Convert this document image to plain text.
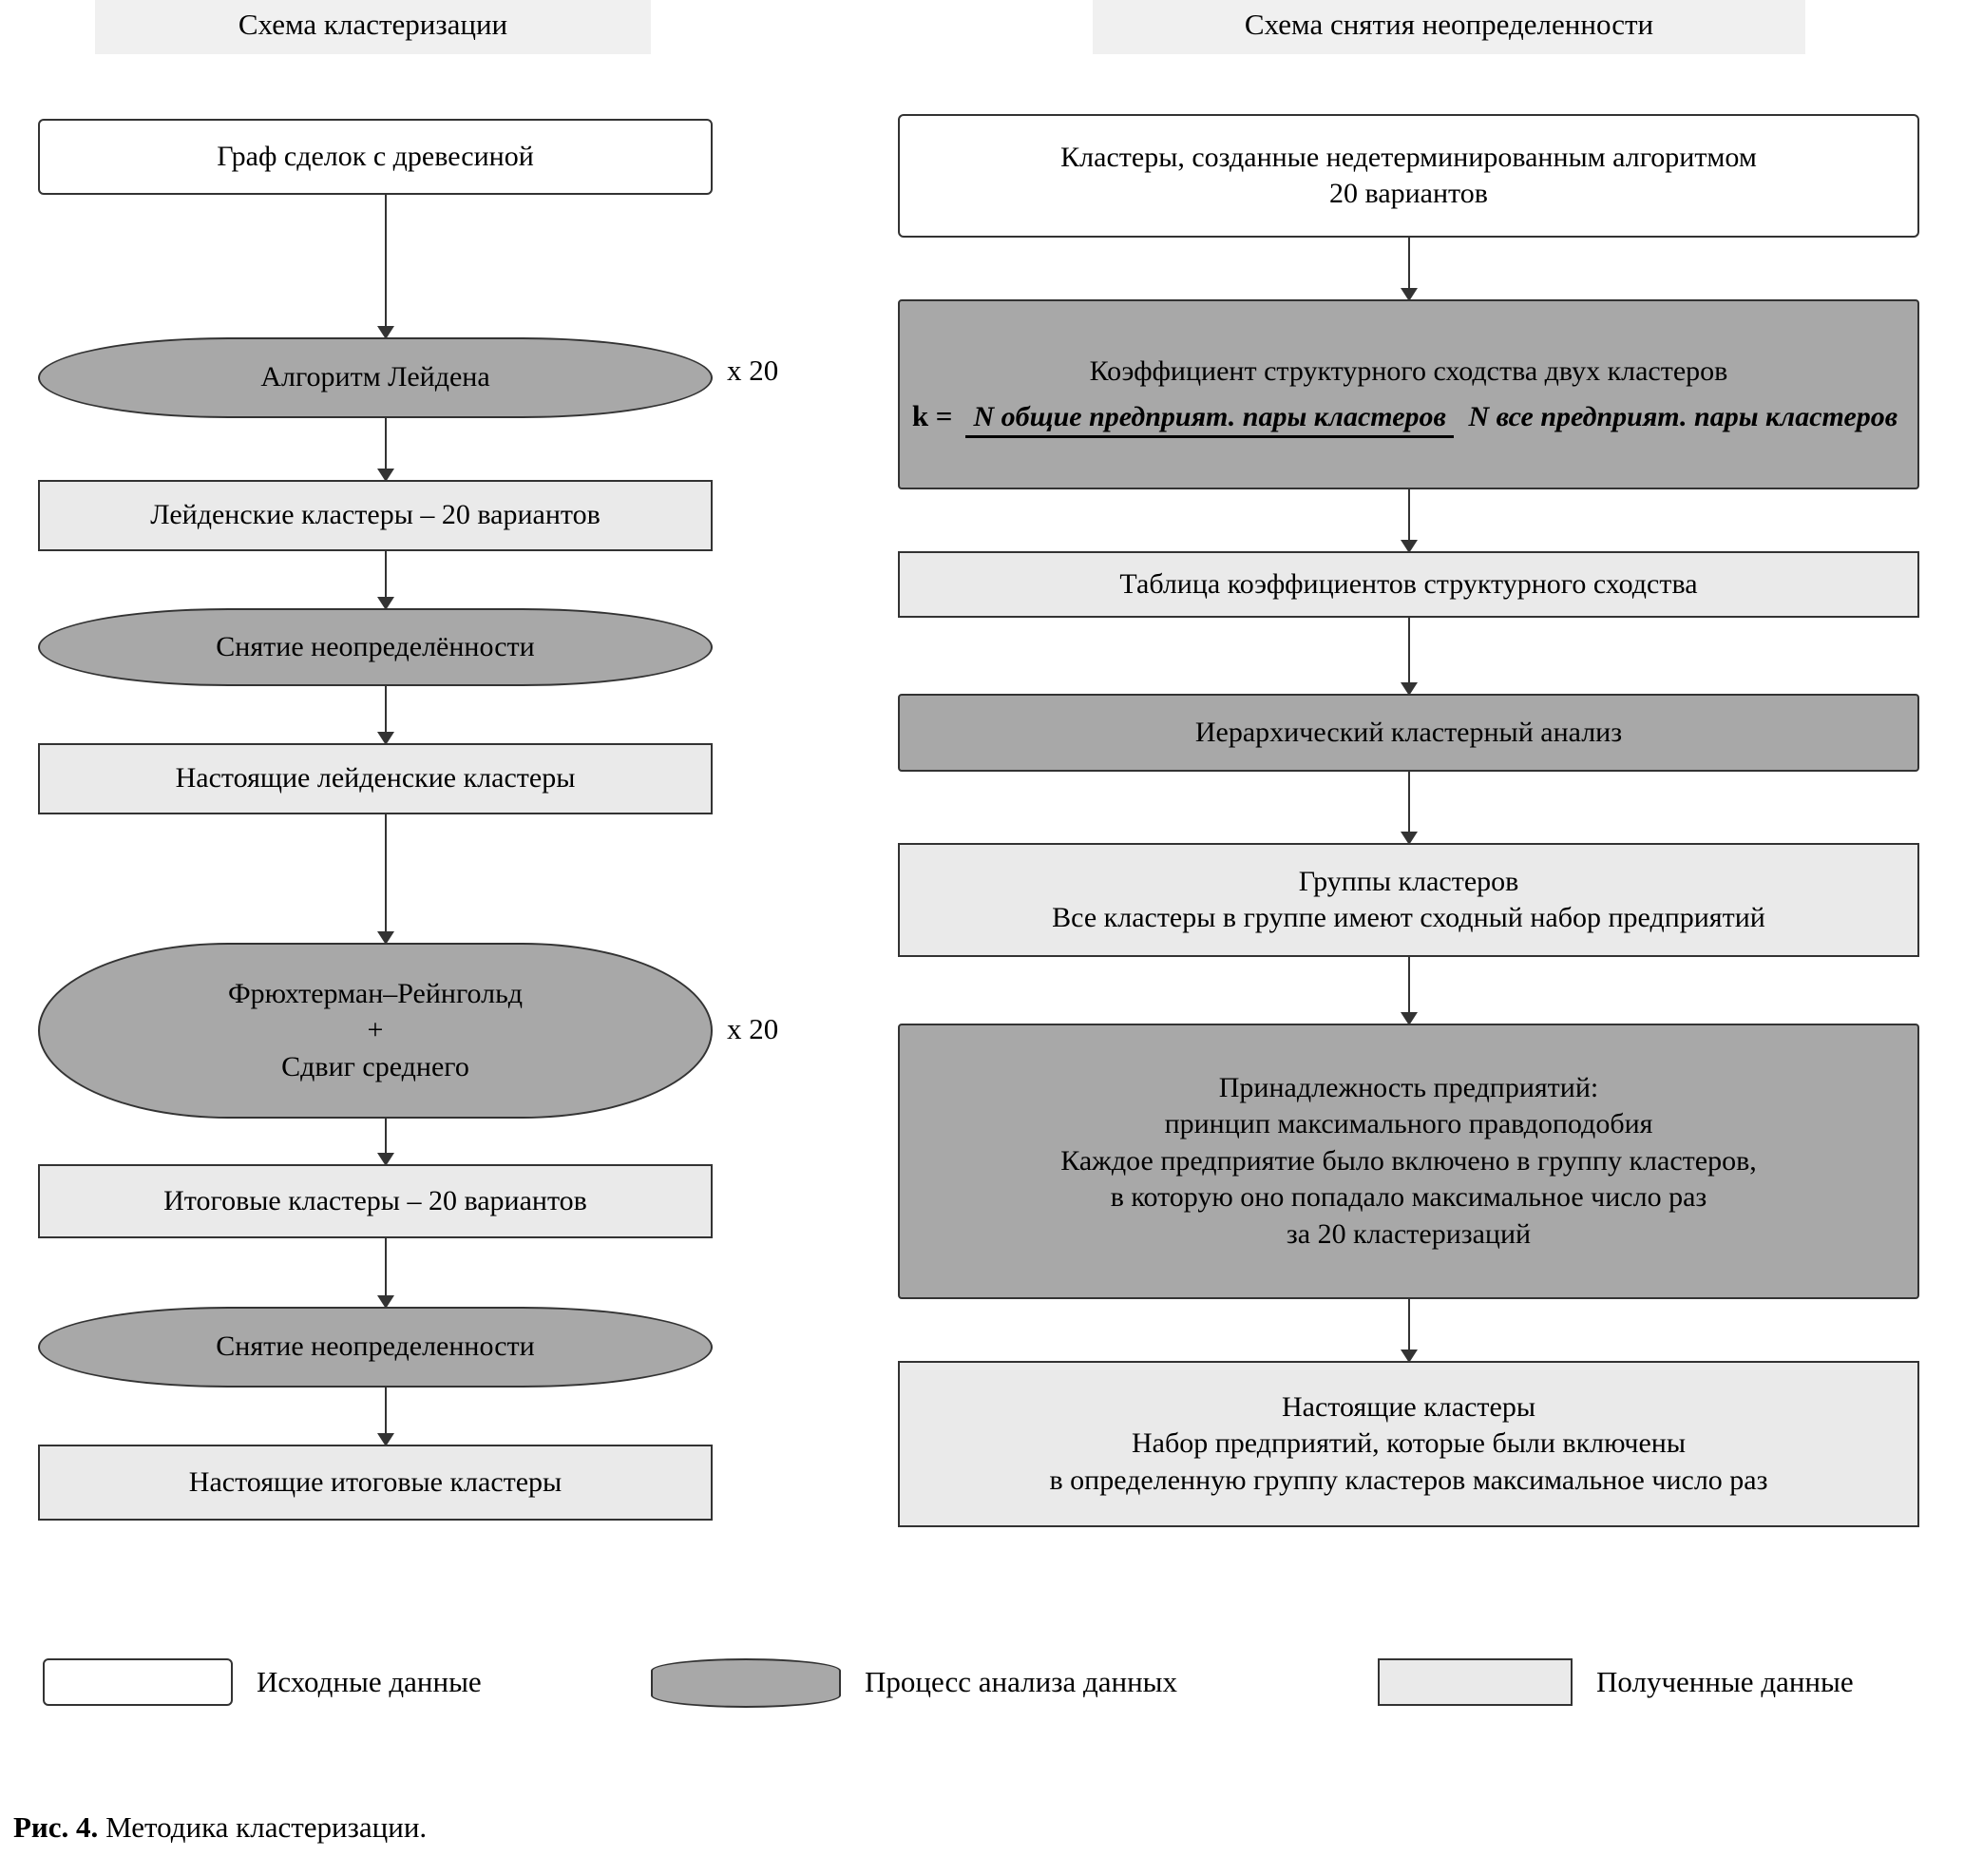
Схема кластеризации	Схема снятия неопределенности
Граф сделок с древесиной
Алгоритм Лейдена	х 20
Лейденские кластеры – 20 вариантов
Снятие неопределённости
Настоящие лейденские кластеры
Фрюхтерман–Рейнгольд
+
Сдвиг среднего
х 20
Итоговые кластеры – 20 вариантов
Снятие неопределенности
Настоящие итоговые кластеры
Кластеры, созданные недетерминированным алгоритмом
20 вариантов
Коэффициент структурного сходства двух кластеров
k = N общие предприят. пары кластеров N все предприят. пары кластеров
Таблица коэффициентов структурного сходства
Иерархический кластерный анализ
Группы кластеров
Все кластеры в группе имеют сходный набор предприятий
Принадлежность предприятий:
принцип максимального правдоподобия
Каждое предприятие было включено в группу кластеров,
в которую оно попадало максимальное число раз
за 20 кластеризаций
Настоящие кластеры
Набор предприятий, которые были включены
в определенную группу кластеров максимальное число раз
Исходные данные	Процесс анализа данных	Полученные данные
Рис. 4. Методика кластеризации.
